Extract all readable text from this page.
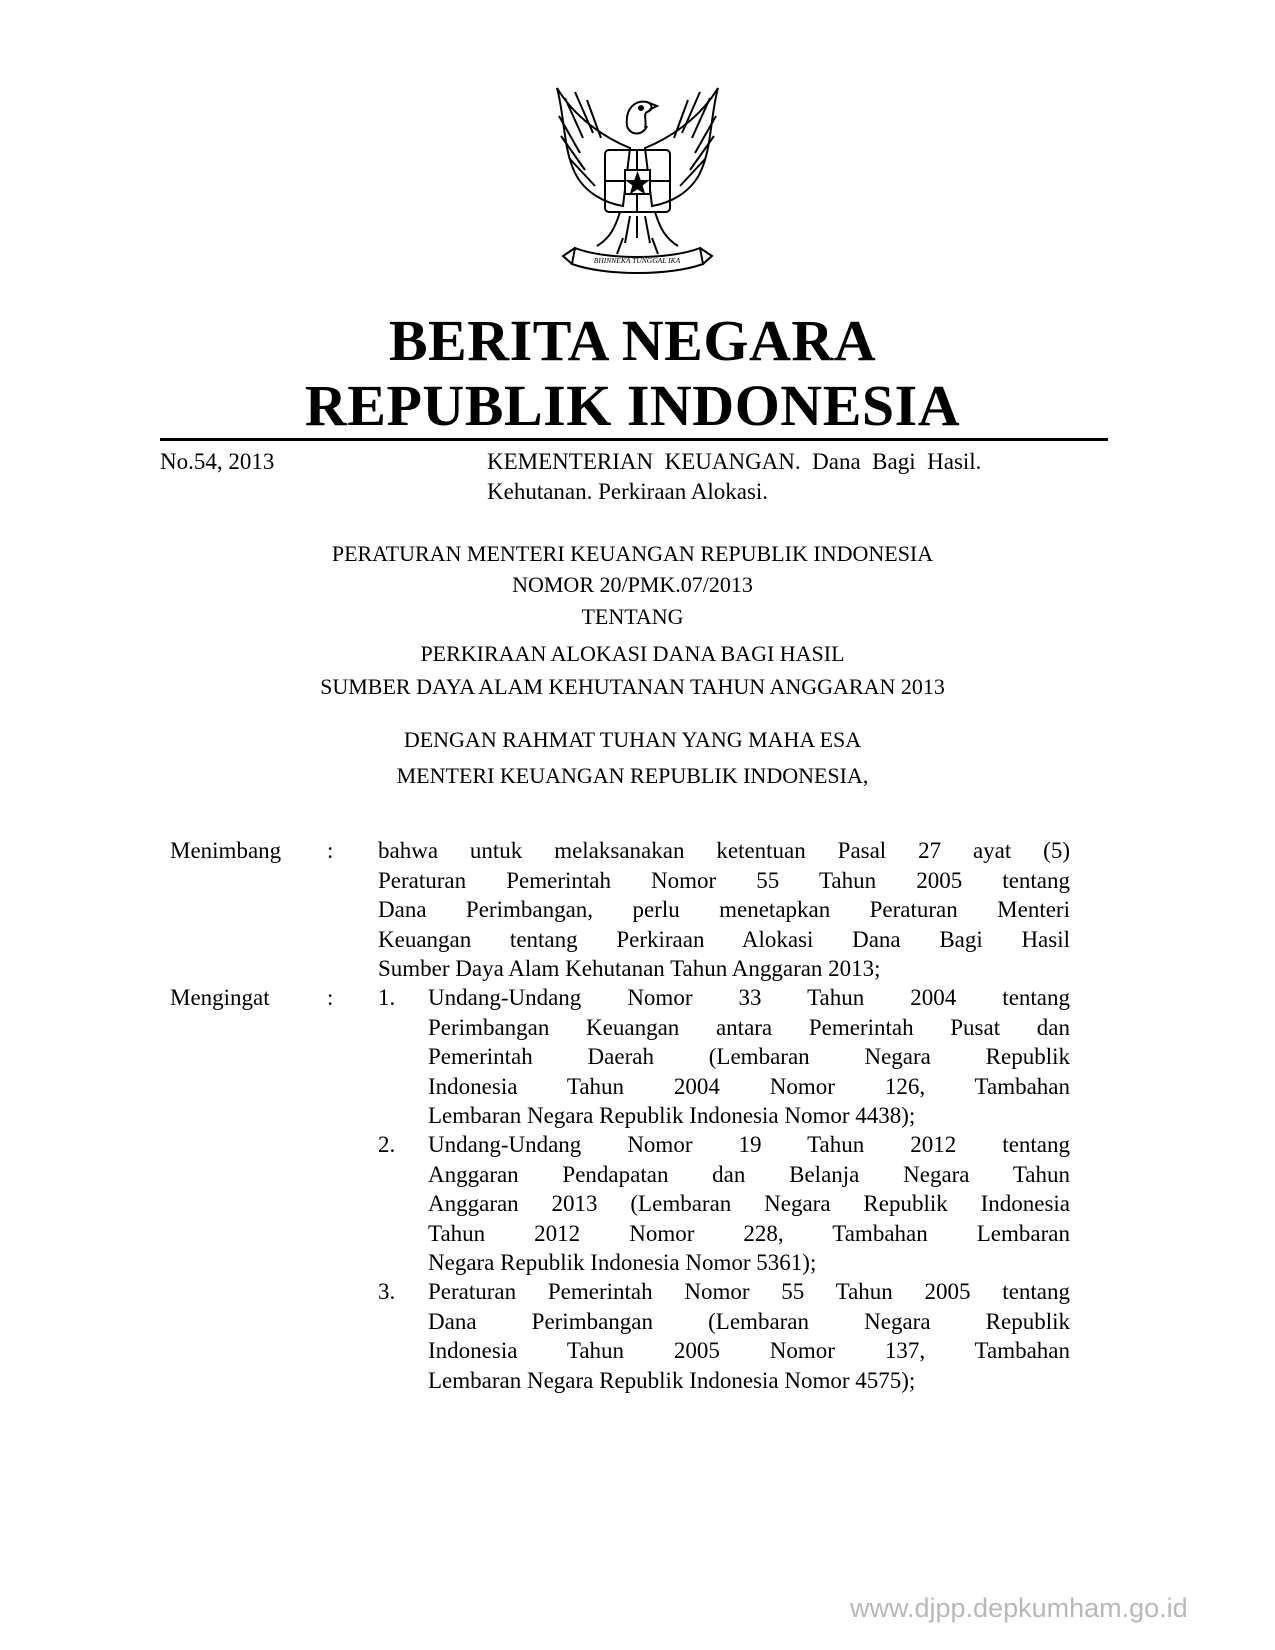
BHINNEKA TUNGGAL IKA
BERITA NEGARA
REPUBLIK INDONESIA
No.54, 2013	KEMENTERIAN  KEUANGAN.  Dana  Bagi  Hasil.
Kehutanan. Perkiraan Alokasi.
PERATURAN MENTERI KEUANGAN REPUBLIK INDONESIA
NOMOR 20/PMK.07/2013
TENTANG
PERKIRAAN ALOKASI DANA BAGI HASIL
SUMBER DAYA ALAM KEHUTANAN TAHUN ANGGARAN 2013
DENGAN RAHMAT TUHAN YANG MAHA ESA
MENTERI KEUANGAN REPUBLIK INDONESIA,
Menimbang : bahwa untuk melaksanakan ketentuan Pasal 27 ayat (5)
Peraturan Pemerintah Nomor 55 Tahun 2005 tentang
Dana Perimbangan, perlu menetapkan Peraturan Menteri
Keuangan tentang Perkiraan Alokasi Dana Bagi Hasil
Sumber Daya Alam Kehutanan Tahun Anggaran 2013;
Mengingat : 1. Undang-Undang Nomor 33 Tahun 2004 tentang
Perimbangan Keuangan antara Pemerintah Pusat dan
Pemerintah Daerah (Lembaran Negara Republik
Indonesia Tahun 2004 Nomor 126, Tambahan
Lembaran Negara Republik Indonesia Nomor 4438);
2. Undang-Undang Nomor 19 Tahun 2012 tentang
Anggaran Pendapatan dan Belanja Negara Tahun
Anggaran 2013 (Lembaran Negara Republik Indonesia
Tahun 2012 Nomor 228, Tambahan Lembaran
Negara Republik Indonesia Nomor 5361);
3. Peraturan Pemerintah Nomor 55 Tahun 2005 tentang
Dana Perimbangan (Lembaran Negara Republik
Indonesia Tahun 2005 Nomor 137, Tambahan
Lembaran Negara Republik Indonesia Nomor 4575);
www.djpp.depkumham.go.id
